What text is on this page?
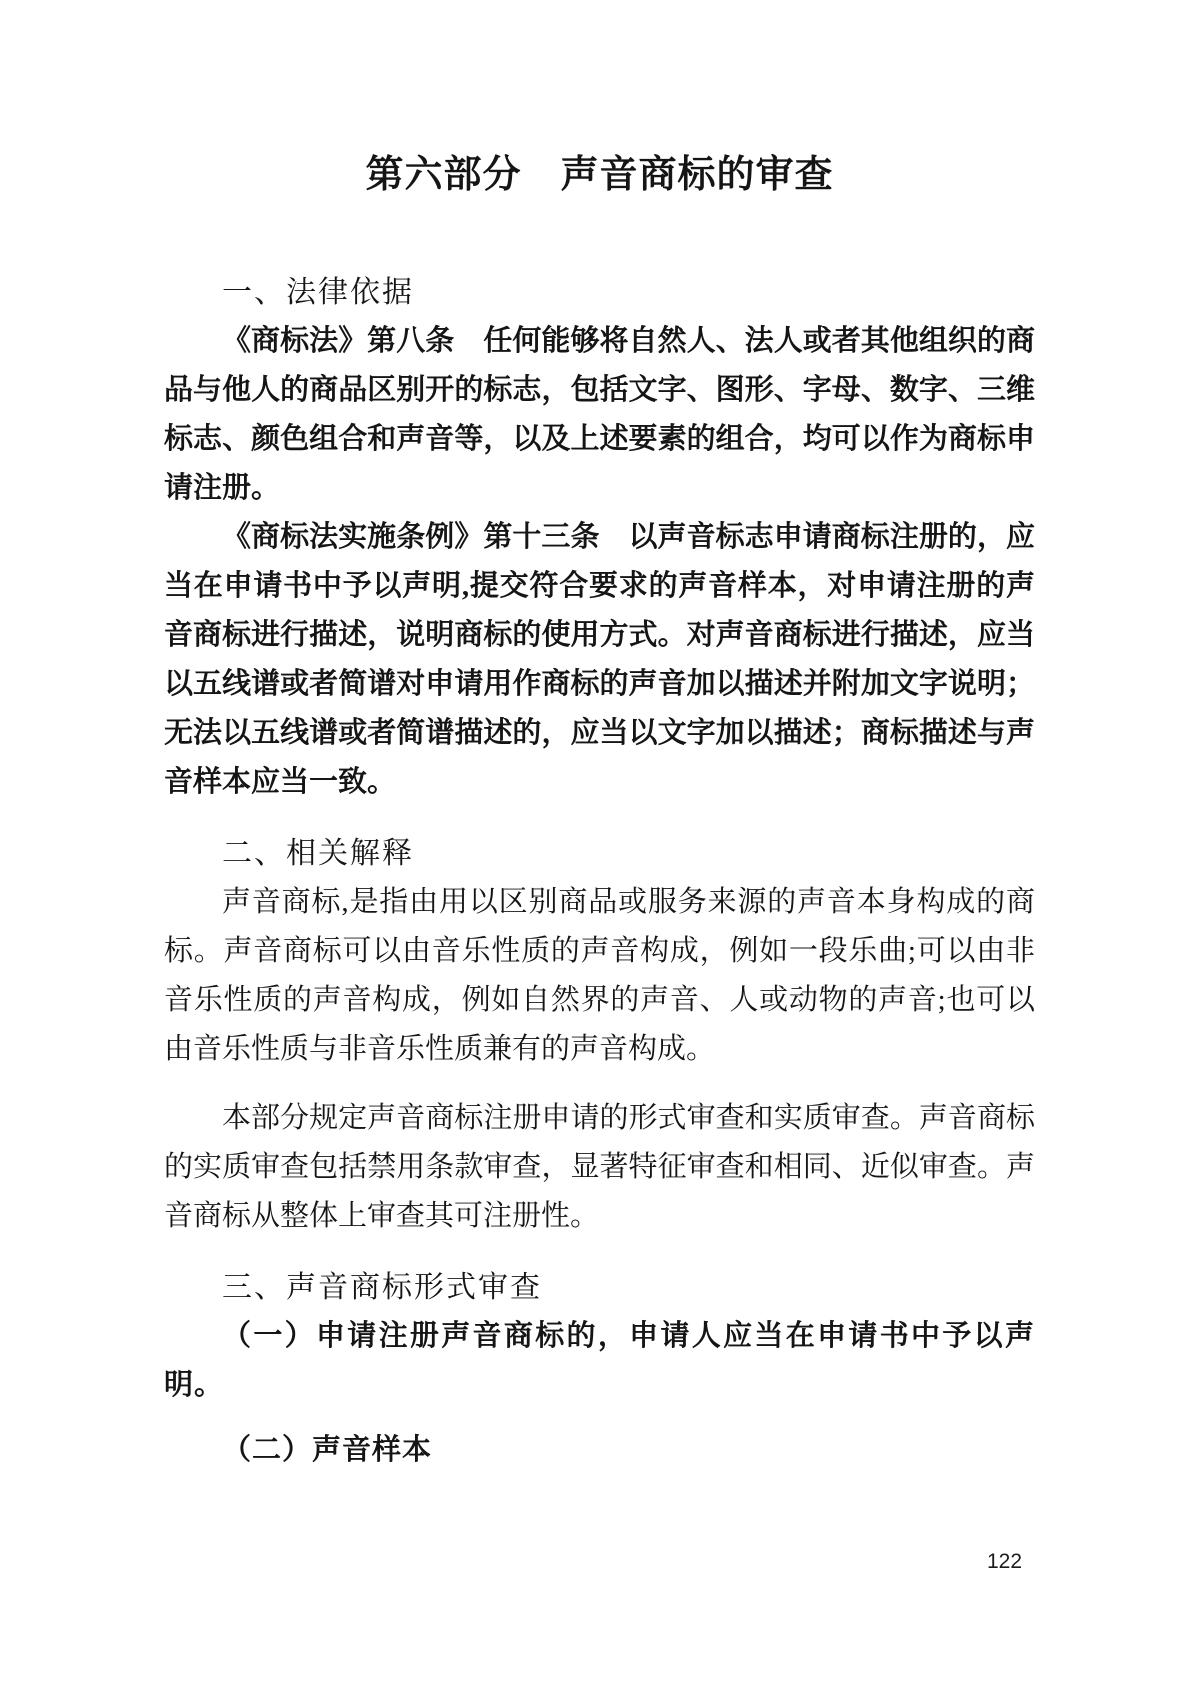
第六部分　声音商标的审查
一、法律依据
《商标法》第八条　任何能够将自然人、法人或者其他组织的商
品与他人的商品区别开的标志，包括文字、图形、字母、数字、三维
标志、颜色组合和声音等，以及上述要素的组合，均可以作为商标申
请注册。
《商标法实施条例》第十三条　以声音标志申请商标注册的，应
当在申请书中予以声明,提交符合要求的声音样本，对申请注册的声
音商标进行描述，说明商标的使用方式。对声音商标进行描述，应当
以五线谱或者简谱对申请用作商标的声音加以描述并附加文字说明；
无法以五线谱或者简谱描述的，应当以文字加以描述；商标描述与声
音样本应当一致。
二、相关解释
声音商标,是指由用以区别商品或服务来源的声音本身构成的商
标。声音商标可以由音乐性质的声音构成，例如一段乐曲;可以由非
音乐性质的声音构成，例如自然界的声音、人或动物的声音;也可以
由音乐性质与非音乐性质兼有的声音构成。
本部分规定声音商标注册申请的形式审查和实质审查。声音商标
的实质审查包括禁用条款审查，显著特征审查和相同、近似审查。声
音商标从整体上审查其可注册性。
三、声音商标形式审查
（一）申请注册声音商标的，申请人应当在申请书中予以声明。
（二）声音样本
122
